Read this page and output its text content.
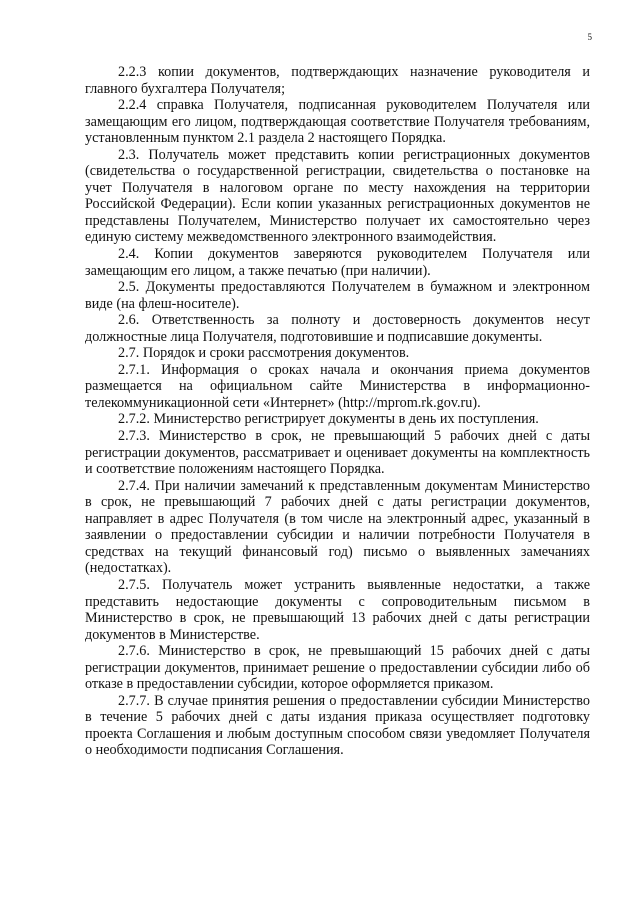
5

2.2.3 копии документов, подтверждающих назначение руководителя и главного бухгалтера Получателя;

2.2.4 справка Получателя, подписанная руководителем Получателя или замещающим его лицом, подтверждающая соответствие Получателя требованиям, установленным пунктом 2.1 раздела 2 настоящего Порядка.

2.3. Получатель может представить копии регистрационных документов (свидетельства о государственной регистрации, свидетельства о постановке на учет Получателя в налоговом органе по месту нахождения на территории Российской Федерации). Если копии указанных регистрационных документов не представлены Получателем, Министерство получает их самостоятельно через единую систему межведомственного электронного взаимодействия.

2.4. Копии документов заверяются руководителем Получателя или замещающим его лицом, а также печатью (при наличии).

2.5. Документы предоставляются Получателем в бумажном и электронном виде (на флеш-носителе).

2.6. Ответственность за полноту и достоверность документов несут должностные лица Получателя, подготовившие и подписавшие документы.

2.7. Порядок и сроки рассмотрения документов.

2.7.1. Информация о сроках начала и окончания приема документов размещается на официальном сайте Министерства в информационно-телекоммуникационной сети «Интернет» (http://mprom.rk.gov.ru).

2.7.2. Министерство регистрирует документы в день их поступления.

2.7.3. Министерство в срок, не превышающий 5 рабочих дней с даты регистрации документов, рассматривает и оценивает документы на комплектность и соответствие положениям настоящего Порядка.

2.7.4. При наличии замечаний к представленным документам Министерство в срок, не превышающий 7 рабочих дней с даты регистрации документов, направляет в адрес Получателя (в том числе на электронный адрес, указанный в заявлении о предоставлении субсидии и наличии потребности Получателя в средствах на текущий финансовый год) письмо о выявленных замечаниях (недостатках).

2.7.5. Получатель может устранить выявленные недостатки, а также представить недостающие документы с сопроводительным письмом в Министерство в срок, не превышающий 13 рабочих дней с даты регистрации документов в Министерстве.

2.7.6. Министерство в срок, не превышающий 15 рабочих дней с даты регистрации документов, принимает решение о предоставлении субсидии либо об отказе в предоставлении субсидии, которое оформляется приказом.

2.7.7. В случае принятия решения о предоставлении субсидии Министерство в течение 5 рабочих дней с даты издания приказа осуществляет подготовку проекта Соглашения и любым доступным способом связи уведомляет Получателя о необходимости подписания Соглашения.
